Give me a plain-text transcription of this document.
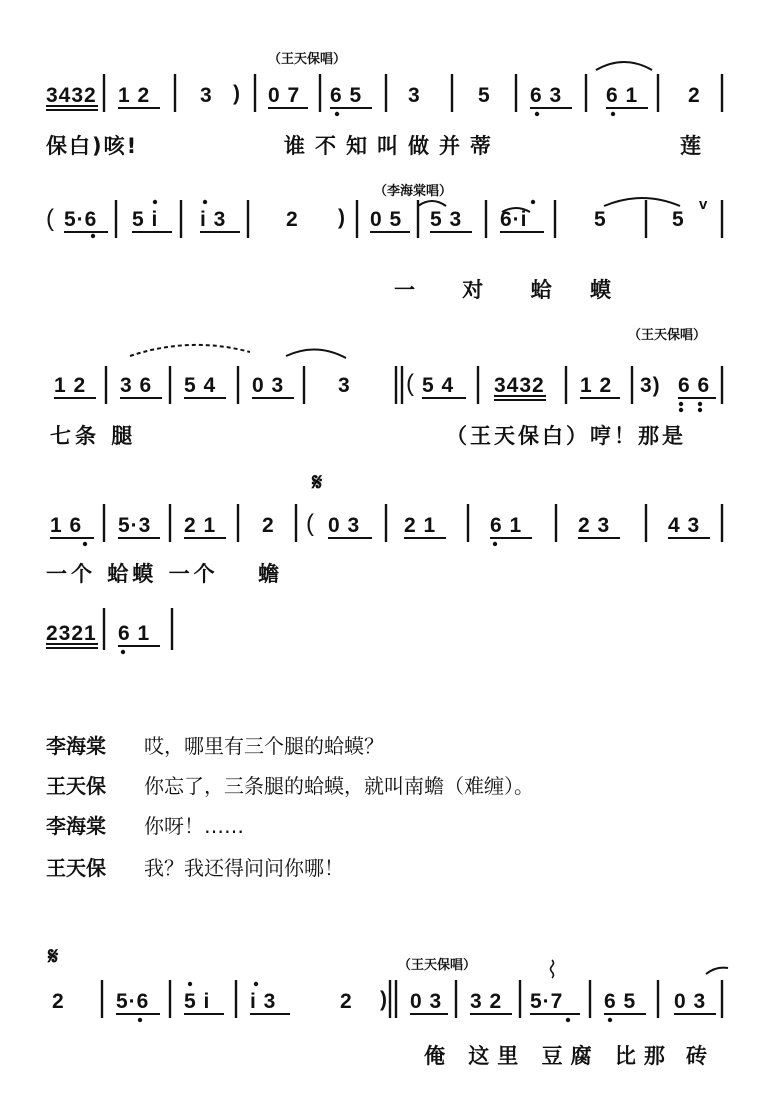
（王天保唱）
3432 1 2 3 ) 0 7 6 5 3	5 6 3 6 1 2
保白)咳!	谁不知叫做并蒂	莲
（李海棠唱）
( 5·6 5 i i 3	2 ) 0 5 5 3 6·i	5	5
v
一 对 蛤 蟆
（王天保唱）
1 2 3 6 5 4 0 3	3 ( 5 4 3432 1 2 3) 6 6
七条 腿	（王天保白）哼！那是
𝄋
1 6 5·3 2 1 2 ( 0 3 2 1	6 1	2 3	4 3
一个 蛤蟆 一个 蟾
2321 6 1
李海棠 哎，哪里有三个腿的蛤蟆？
王天保 你忘了，三条腿的蛤蟆，就叫南蟾（难缠）。
李海棠 你呀！……
王天保 我？我还得问问你哪！
𝄋	（王天保唱）
2 5·6 5 i i 3	2 ) 0 3 3 2 5·7 6 5 0 3
俺 这里 豆腐 比那 砖
